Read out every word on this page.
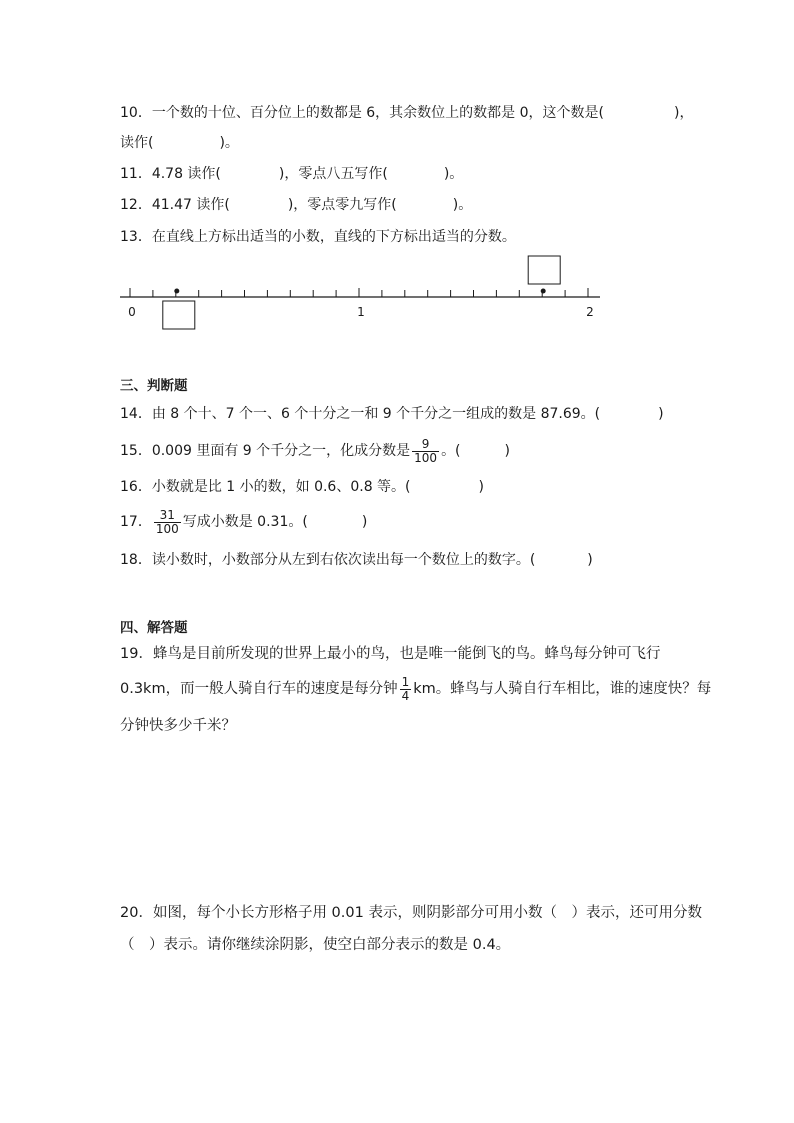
10．一个数的十位、百分位上的数都是 6，其余数位上的数都是 0，这个数是(	)，
读作(	)。
11．4.78 读作(	)，零点八五写作(	)。
12．41.47 读作(	)，零点零九写作(	)。
13．在直线上方标出适当的小数，直线的下方标出适当的分数。
0	1	2
三、判断题
14．由 8 个十、7 个一、6 个十分之一和 9 个千分之一组成的数是 87.69。(	)
15．0.009 里面有 9 个千分之一，化成分数是 $\frac{9}{100}$ 。(	)
16．小数就是比 1 小的数，如 0.6、0.8 等。(	)
17． $\frac{31}{100}$ 写成小数是 0.31。(	)
18．读小数时，小数部分从左到右依次读出每一个数位上的数字。(	)
四、解答题
19．蜂鸟是目前所发现的世界上最小的鸟，也是唯一能倒飞的鸟。蜂鸟每分钟可飞行
0.3km，而一般人骑自行车的速度是每分钟 $\frac{1}{4}$ km。蜂鸟与人骑自行车相比，谁的速度快？每
分钟快多少千米？
20．如图，每个小长方形格子用 0.01 表示，则阴影部分可用小数（　）表示，还可用分数
（　）表示。请你继续涂阴影，使空白部分表示的数是 0.4。
